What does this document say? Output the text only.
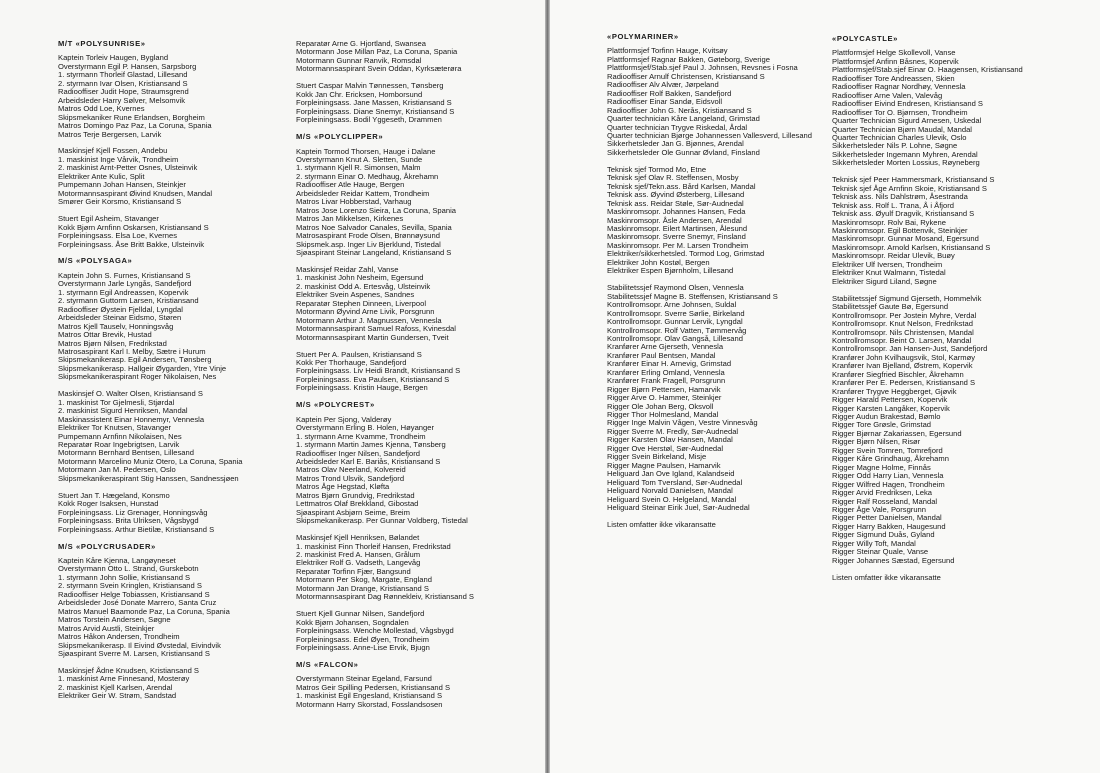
M/T «POLYSUNRISE»
Kaptein Torleiv Haugen, Bygland
Overstyrmann Egil P. Hansen, Sarpsborg
1. styrmann Thorleif Glastad, Lillesand
2. styrmann Ivar Olsen, Kristiansand S
Radiooffiser Judit Hope, Straumsgrend
Arbeidsleder Harry Sølver, Melsomvik
Matros Odd Loe, Kvernes
Skipsmekaniker Rune Erlandsen, Borgheim
Matros Domingo Paz Paz, La Coruna, Spania
Matros Terje Bergersen, Larvik
Maskinsjef Kjell Fossen, Andebu
1. maskinist Inge Vårvik, Trondheim
2. maskinist Arnt-Petter Osnes, Ulsteinvik
Elektriker Ante Kulic, Split
Pumpemann Johan Hansen, Steinkjer
Motormannsaspirant Øivind Knudsen, Mandal
Smører Geir Korsmo, Kristiansand S
Stuert Egil Asheim, Stavanger
Kokk Bjørn Arnfinn Oskarsen, Kristiansand S
Forpleiningsass. Elsa Loe, Kvernes
Forpleiningsass. Åse Britt Bakke, Ulsteinvik
M/S «POLYSAGA»
Kaptein John S. Furnes, Kristiansand S
Overstyrmann Jarle Lyngås, Sandefjord
1. styrmann Egil Andreassen, Kopervik
2. styrmann Guttorm Larsen, Kristiansand
Radiooffiser Øystein Fjelldal, Lyngdal
Arbeidsleder Steinar Eidsmo, Støren
Matros Kjell Tauselv, Honningsvåg
Matros Ottar Brevik, Hustad
Matros Bjørn Nilsen, Fredrikstad
Matrosaspirant Karl I. Melby, Sætre i Hurum
Skipsmekanikerasp. Egil Andersen, Tønsberg
Skipsmekanikerasp. Hallgeir Øygarden, Ytre Vinje
Skipsmekanikeraspirant Roger Nikolaisen, Nes
Maskinsjef O. Walter Olsen, Kristiansand S
1. maskinist Tor Gjelmesli, Stjørdal
2. maskinist Sigurd Henriksen, Mandal
Maskinassistent Einar Honnemyr, Vennesla
Elektriker Tor Knutsen, Stavanger
Pumpemann Arnfinn Nikolaisen, Nes
Reparatør Roar Ingebrigtsen, Larvik
Motormann Bernhard Bentsen, Lillesand
Motormann Marcelino Muniz Otero, La Coruna, Spania
Motormann Jan M. Pedersen, Oslo
Skipsmekanikeraspirant Stig Hanssen, Sandnessjøen
Stuert Jan T. Hægeland, Konsmo
Kokk Roger Isaksen, Hunstad
Forpleiningsass. Liz Grenager, Honningsvåg
Forpleiningsass. Brita Ulriksen, Vågsbygd
Forpleiningsass. Arthur Bietilæ, Kristiansand S
M/S «POLYCRUSADER»
Kaptein Kåre Kjenna, Langøyneset
Overstyrmann Otto L. Strand, Gurskebotn
1. styrmann John Sollie, Kristiansand S
2. styrmann Svein Kringlen, Kristiansand S
Radiooffiser Helge Tobiassen, Kristiansand S
Arbeidsleder José Donate Marrero, Santa Cruz
Matros Manuel Baamonde Paz, La Coruna, Spania
Matros Torstein Andersen, Søgne
Matros Arvid Austli, Steinkjer
Matros Håkon Andersen, Trondheim
Skipsmekanikerasp. Il Eivind Øvstedal, Eivindvik
Sjøaspirant Sverre M. Larsen, Kristiansand S
Maskinsjef Ådne Knudsen, Kristiansand S
1. maskinist Arne Finnesand, Mosterøy
2. maskinist Kjell Karlsen, Arendal
Elektriker Geir W. Strøm, Sandstad
Reparatør Arne G. Hjortland, Swansea
Motormann Jose Millan Paz, La Coruna, Spania
Motormann Gunnar Ranvik, Romsdal
Motormannsaspirant Svein Oddan, Kyrksæterøra
Stuert Caspar Malvin Tønnessen, Tønsberg
Kokk Jan Chr. Ericksen, Homborsund
Forpleiningsass. Jane Massen, Kristiansand S
Forpleiningsass. Diane Snemyr, Kristiansand S
Forpleiningsass. Bodil Yggeseth, Drammen
M/S «POLYCLIPPER»
Kaptein Tormod Thorsen, Hauge i Dalane
Overstyrmann Knut A. Sletten, Sunde
1. styrmann Kjell R. Simonsen, Malm
2. styrmann Einar O. Medhaug, Åkrehamn
Radiooffiser Atle Hauge, Bergen
Arbeidsleder Reidar Kattem, Trondheim
Matros Livar Hobberstad, Varhaug
Matros Jose Lorenzo Sieira, La Coruna, Spania
Matros Jan Mikkelsen, Kirkenes
Matros Noe Salvador Canales, Sevilla, Spania
Matrosaspirant Frode Olsen, Brønnøysund
Skipsmek.asp. Inger Liv Bjerklund, Tistedal
Sjøaspirant Steinar Langeland, Kristiansand S
Maskinsjef Reidar Zahl, Vanse
1. maskinist John Nesheim, Egersund
2. maskinist Odd A. Ertesvåg, Ulsteinvik
Elektriker Svein Aspenes, Sandnes
Reparatør Stephen Dinneen, Liverpool
Motormann Øyvind Arne Livik, Porsgrunn
Motormann Arthur J. Magnussen, Vennesla
Motormannsaspirant Samuel Rafoss, Kvinesdal
Motormannsaspirant Martin Gundersen, Tveit
Stuert Per A. Paulsen, Kristiansand S
Kokk Per Thorhauge, Sandefjord
Forpleiningsass. Liv Heidi Brandt, Kristiansand S
Forpleiningsass. Eva Paulsen, Kristiansand S
Forpleiningsass. Kristin Hauge, Bergen
M/S «POLYCREST»
Kaptein Per Sjong, Valderøy
Overstyrmann Erling B. Holen, Høyanger
1. styrmann Arne Kvamme, Trondheim
1. styrmann Martin James Kjenna, Tønsberg
Radiooffiser Inger Nilsen, Sandefjord
Arbeidsleder Karl E. Bariås, Kristiansand S
Matros Olav Neerland, Kolvereid
Matros Trond Ulsvik, Sandefjord
Matros Åge Hegstad, Kløfta
Matros Bjørn Grundvig, Fredrikstad
Lettmatros Olaf Brekkland, Gibostad
Sjøaspirant Asbjørn Seime, Breim
Skipsmekanikerasp. Per Gunnar Voldberg, Tistedal
Maskinsjef Kjell Henriksen, Bølandet
1. maskinist Finn Thorleif Hansen, Fredrikstad
2. maskinist Fred A. Hansen, Grålum
Elektriker Rolf G. Vadseth, Langevåg
Reparatør Torfinn Fjær, Bangsund
Motormann Per Skog, Margate, England
Motormann Jan Drange, Kristiansand S
Motormannsaspirant Dag Rønnekleiv, Kristiansand S
Stuert Kjell Gunnar Nilsen, Sandefjord
Kokk Bjørn Johansen, Sogndalen
Forpleiningsass. Wenche Mollestad, Vågsbygd
Forpleiningsass. Edel Øyen, Trondheim
Forpleiningsass. Anne-Lise Ervik, Bjugn
M/S «FALCON»
Overstyrmann Steinar Egeland, Farsund
Matros Geir Spilling Pedersen, Kristiansand S
1. maskinist Egil Engesland, Kristiansand S
Motormann Harry Skorstad, Fosslandsosen
«POLYMARINER»
Plattformsjef Torfinn Hauge, Kvitsøy
Plattformsjef Ragnar Bakken, Gøteborg, Sverige
Plattformsjef/Stab.sjef Paul J. Johnsen, Revsnes i Fosna
Radiooffiser Arnulf Christensen, Kristiansand S
Radiooffiser Alv Alvær, Jørpeland
Radiooffiser Rolf Bakken, Sandefjord
Radiooffiser Einar Sandø, Eidsvoll
Radiooffiser John G. Nerås, Kristiansand S
Quarter technician Kåre Langeland, Grimstad
Quarter technician Trygve Riskedal, Årdal
Quarter technician Bjørge Johannessen Vallesverd, Lillesand
Sikkerhetsleder Jan G. Bjønnes, Arendal
Sikkerhetsleder Ole Gunnar Øvland, Finsland
Teknisk sjef Tormod Mo, Etne
Teknisk sjef Olav R. Steffensen, Mosby
Teknisk sjef/Tekn.ass. Bård Karlsen, Mandal
Teknisk ass. Øyvind Østerberg, Lillesand
Teknisk ass. Reidar Støle, Sør-Audnedal
Maskinromsopr. Johannes Hansen, Feda
Maskinromsopr. Åsle Andersen, Arendal
Maskinromsopr. Eilert Martinsen, Ålesund
Maskinromsopr. Sverre Snemyr, Finsland
Maskinromsopr. Per M. Larsen Trondheim
Elektriker/sikkerhetsled. Tormod Log, Grimstad
Elektriker John Kostøl, Bergen
Elektriker Espen Bjørnholm, Lillesand
Stabilitetssjef Raymond Olsen, Vennesla
Stabilitetssjef Magne B. Steffensen, Kristiansand S
Kontrollromsopr. Arne Johnsen, Suldal
Kontrollromsopr. Sverre Sørlie, Birkeland
Kontrollromsopr. Gunnar Lervik, Lyngdal
Kontrollromsopr. Rolf Vatten, Tømmervåg
Kontrollromsopr. Olav Gangså, Lillesand
Kranfører Arne Gjerseth, Vennesla
Kranfører Paul Bentsen, Mandal
Kranfører Einar H. Arnevig, Grimstad
Kranfører Erling Omland, Vennesla
Kranfører Frank Fragell, Porsgrunn
Rigger Bjørn Pettersen, Hamarvik
Rigger Arve O. Hammer, Steinkjer
Rigger Ole Johan Berg, Oksvoll
Rigger Thor Holmesland, Mandal
Rigger Inge Malvin Vågen, Vestre Vinnesvåg
Rigger Sverre M. Fredly, Sør-Audnedal
Rigger Karsten Olav Hansen, Mandal
Rigger Ove Herstøl, Sør-Audnedal
Rigger Svein Birkeland, Misje
Rigger Magne Paulsen, Hamarvik
Heliguard Jan Ove Igland, Kalandseid
Heliguard Tom Tversland, Sør-Audnedal
Heliguard Norvald Danielsen, Mandal
Heliguard Svein O. Helgeland, Mandal
Heliguard Steinar Eirik Juel, Sør-Audnedal
Listen omfatter ikke vikaransatte
«POLYCASTLE»
Plattformsjef Helge Skollevoll, Vanse
Plattformsjef Anfinn Båsnes, Kopervik
Plattformsjef/Stab.sjef Einar O. Haagensen, Kristiansand
Radiooffiser Tore Andreassen, Skien
Radiooffiser Ragnar Nordhøy, Vennesla
Radiooffiser Arne Valen, Valevåg
Radiooffiser Eivind Endresen, Kristiansand S
Radiooffiser Tor O. Bjørnsen, Trondheim
Quarter Technician Sigurd Arnesen, Uskedal
Quarter Technician Bjørn Maudal, Mandal
Quarter Technician Charles Ulevik, Oslo
Sikkerhetsleder Nils P. Lohne, Søgne
Sikkerhetsleder Ingemann Myhren, Arendal
Sikkerhetsleder Morten Lossius, Røyneberg
Teknisk sjef Peer Hammersmark, Kristiansand S
Teknisk sjef Åge Arnfinn Skoie, Kristiansand S
Teknisk ass. Nils Dahlstrøm, Åsestranda
Teknisk ass. Rolf L. Trana, Å i Åfjord
Teknisk ass. Øyulf Dragvik, Kristiansand S
Maskinromsopr. Rolv Bai, Rykene
Maskinromsopr. Egil Bottenvik, Steinkjer
Maskinromsopr. Gunnar Mosand, Egersund
Maskinromsopr. Arnold Karlsen, Kristiansand S
Maskinromsopr. Reidar Ulevik, Buøy
Elektriker Ulf Iversen, Trondheim
Elektriker Knut Walmann, Tistedal
Elektriker Sigurd Liland, Søgne
Stabilitetssjef Sigmund Gjerseth, Hommelvik
Stabilitetssjef Gaute Bø, Egersund
Kontrollromsopr. Per Jostein Myhre, Verdal
Kontrollromsopr. Knut Nelson, Fredrikstad
Kontrollromsopr. Nils Christensen, Mandal
Kontrollromsopr. Beint O. Larsen, Mandal
Kontrollromsopr. Jan Hansen-Just, Sandefjord
Kranfører John Kvilhaugsvik, Stol, Karmøy
Kranfører Ivan Bjelland, Østrem, Kopervik
Kranfører Siegfried Bischler, Åkrehamn
Kranfører Per E. Pedersen, Kristiansand S
Kranfører Trygve Heggberget, Gjøvik
Rigger Harald Pettersen, Kopervik
Rigger Karsten Langåker, Kopervik
Rigger Audun Brakestad, Bømlo
Rigger Tore Grøsle, Grimstad
Rigger Bjørnar Zakariassen, Egersund
Rigger Bjørn Nilsen, Risør
Rigger Svein Tomren, Tomrefjord
Rigger Kåre Grindhaug, Åkrehamn
Rigger Magne Holme, Finnås
Rigger Odd Harry Lian, Vennesla
Rigger Wilfred Hagen, Trondheim
Rigger Arvid Fredriksen, Leka
Rigger Ralf Rosseland, Mandal
Rigger Åge Vale, Porsgrunn
Rigger Petter Danielsen, Mandal
Rigger Harry Bakken, Haugesund
Rigger Sigmund Duås, Gyland
Rigger Willy Toft, Mandal
Rigger Steinar Quale, Vanse
Rigger Johannes Sæstad, Egersund
Listen omfatter ikke vikaransatte
